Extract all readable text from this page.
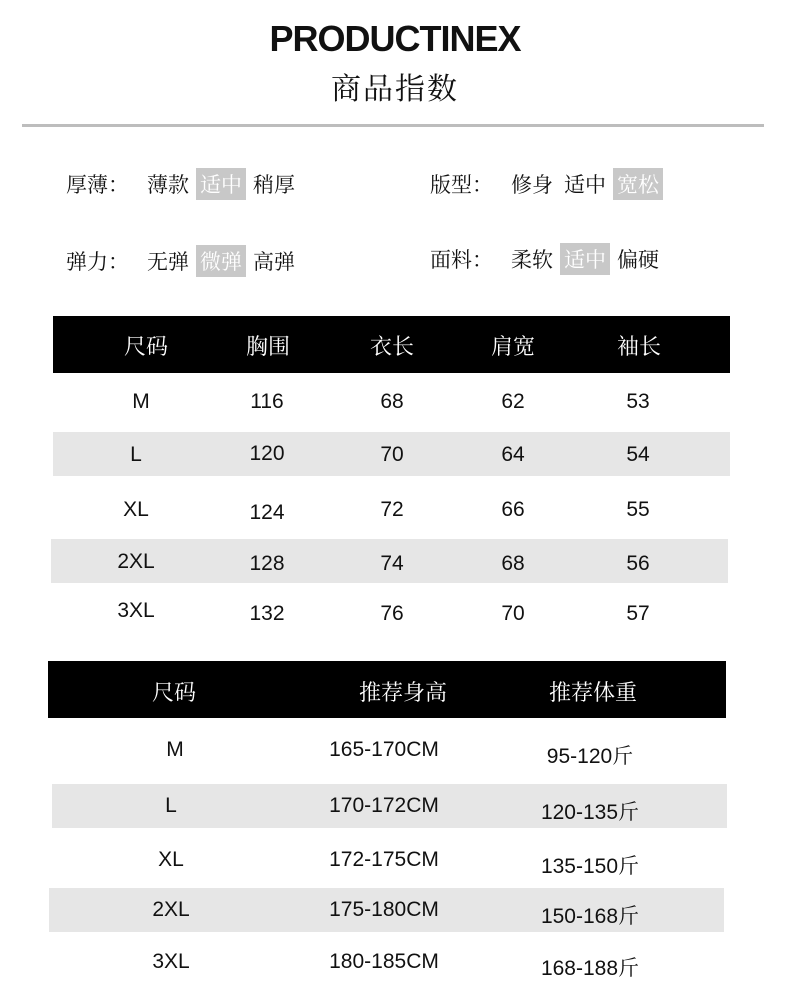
PRODUCTINEX
商品指数
厚薄： 薄款 适中 稍厚	版型： 修身 适中 宽松
弹力： 无弹 微弹 高弹	面料： 柔软 适中 偏硬
尺码	胸围	衣长	肩宽	袖长
M	116	68	62	53
L	120	70	64	54
XL	124	72	66	55
2XL	128	74	68	56
3XL	132	76	70	57
尺码	推荐身高	推荐体重
M	165-170CM	95-120斤
L	170-172CM	120-135斤
XL	172-175CM	135-150斤
2XL	175-180CM	150-168斤
3XL	180-185CM	168-188斤
